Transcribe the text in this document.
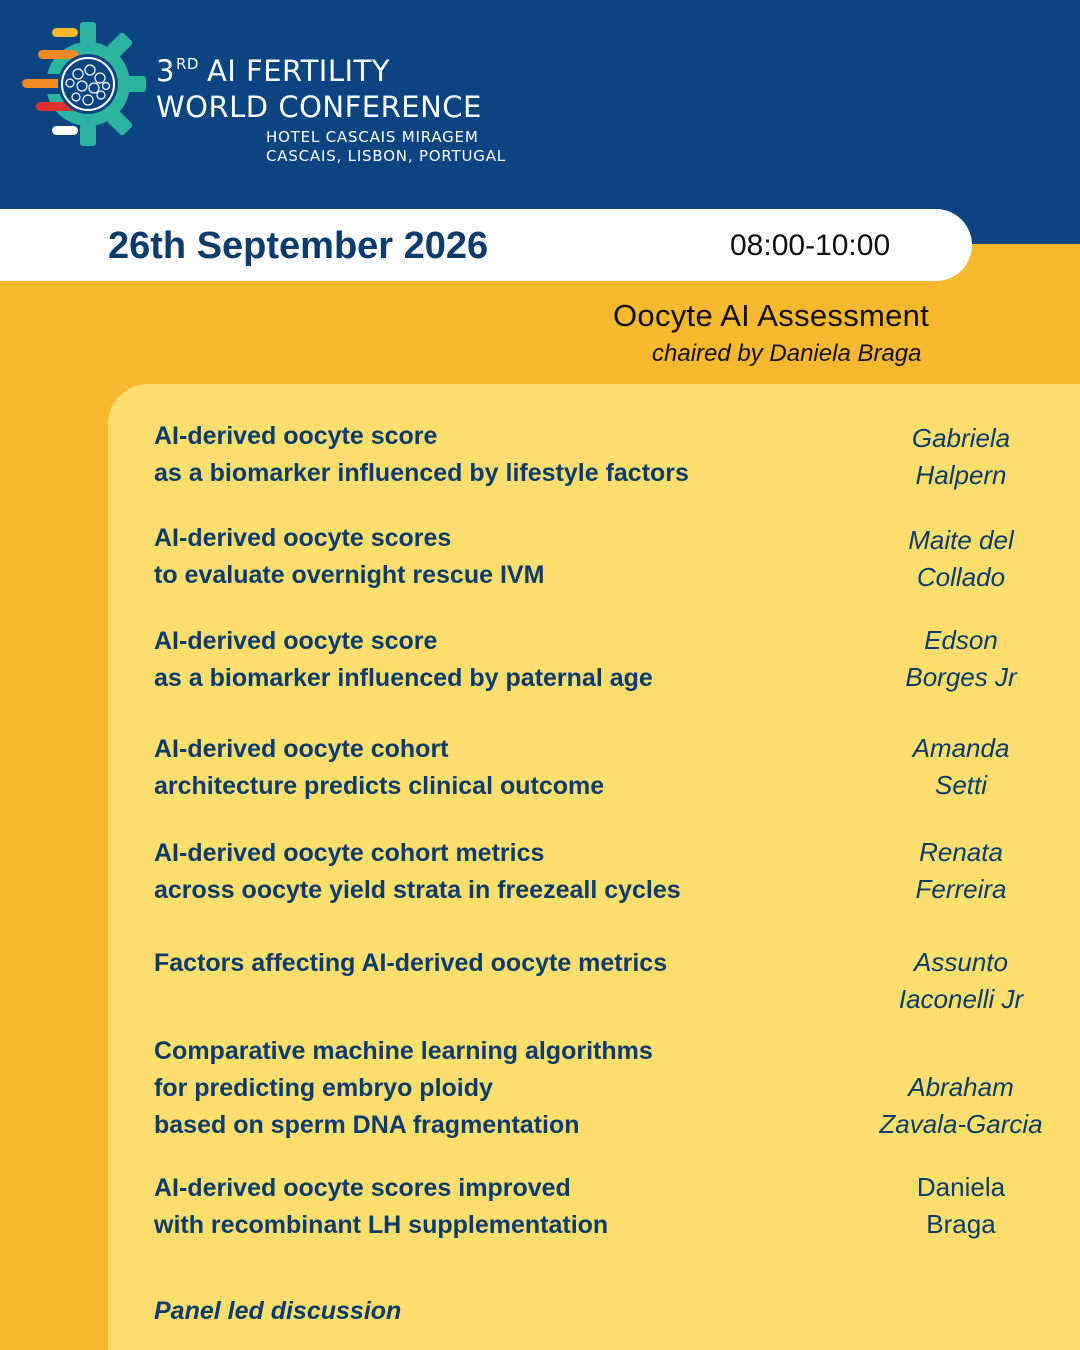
3RD AI FERTILITY
WORLD CONFERENCE
HOTEL CASCAIS MIRAGEM
CASCAIS, LISBON, PORTUGAL
26th September 2026	08:00-10:00
Oocyte AI Assessment
chaired by Daniela Braga
AI-derived oocyte score
as a biomarker influenced by lifestyle factors
Gabriela
Halpern
AI-derived oocyte scores
to evaluate overnight rescue IVM
Maite del
Collado
AI-derived oocyte score
as a biomarker influenced by paternal age
Edson
Borges Jr
AI-derived oocyte cohort
architecture predicts clinical outcome
Amanda
Setti
AI-derived oocyte cohort metrics
across oocyte yield strata in freezeall cycles
Renata
Ferreira
Factors affecting AI-derived oocyte metrics	Assunto
Iaconelli Jr
Comparative machine learning algorithms
for predicting embryo ploidy
based on sperm DNA fragmentation
Abraham
Zavala-Garcia
AI-derived oocyte scores improved
with recombinant LH supplementation
Daniela
Braga
Panel led discussion
